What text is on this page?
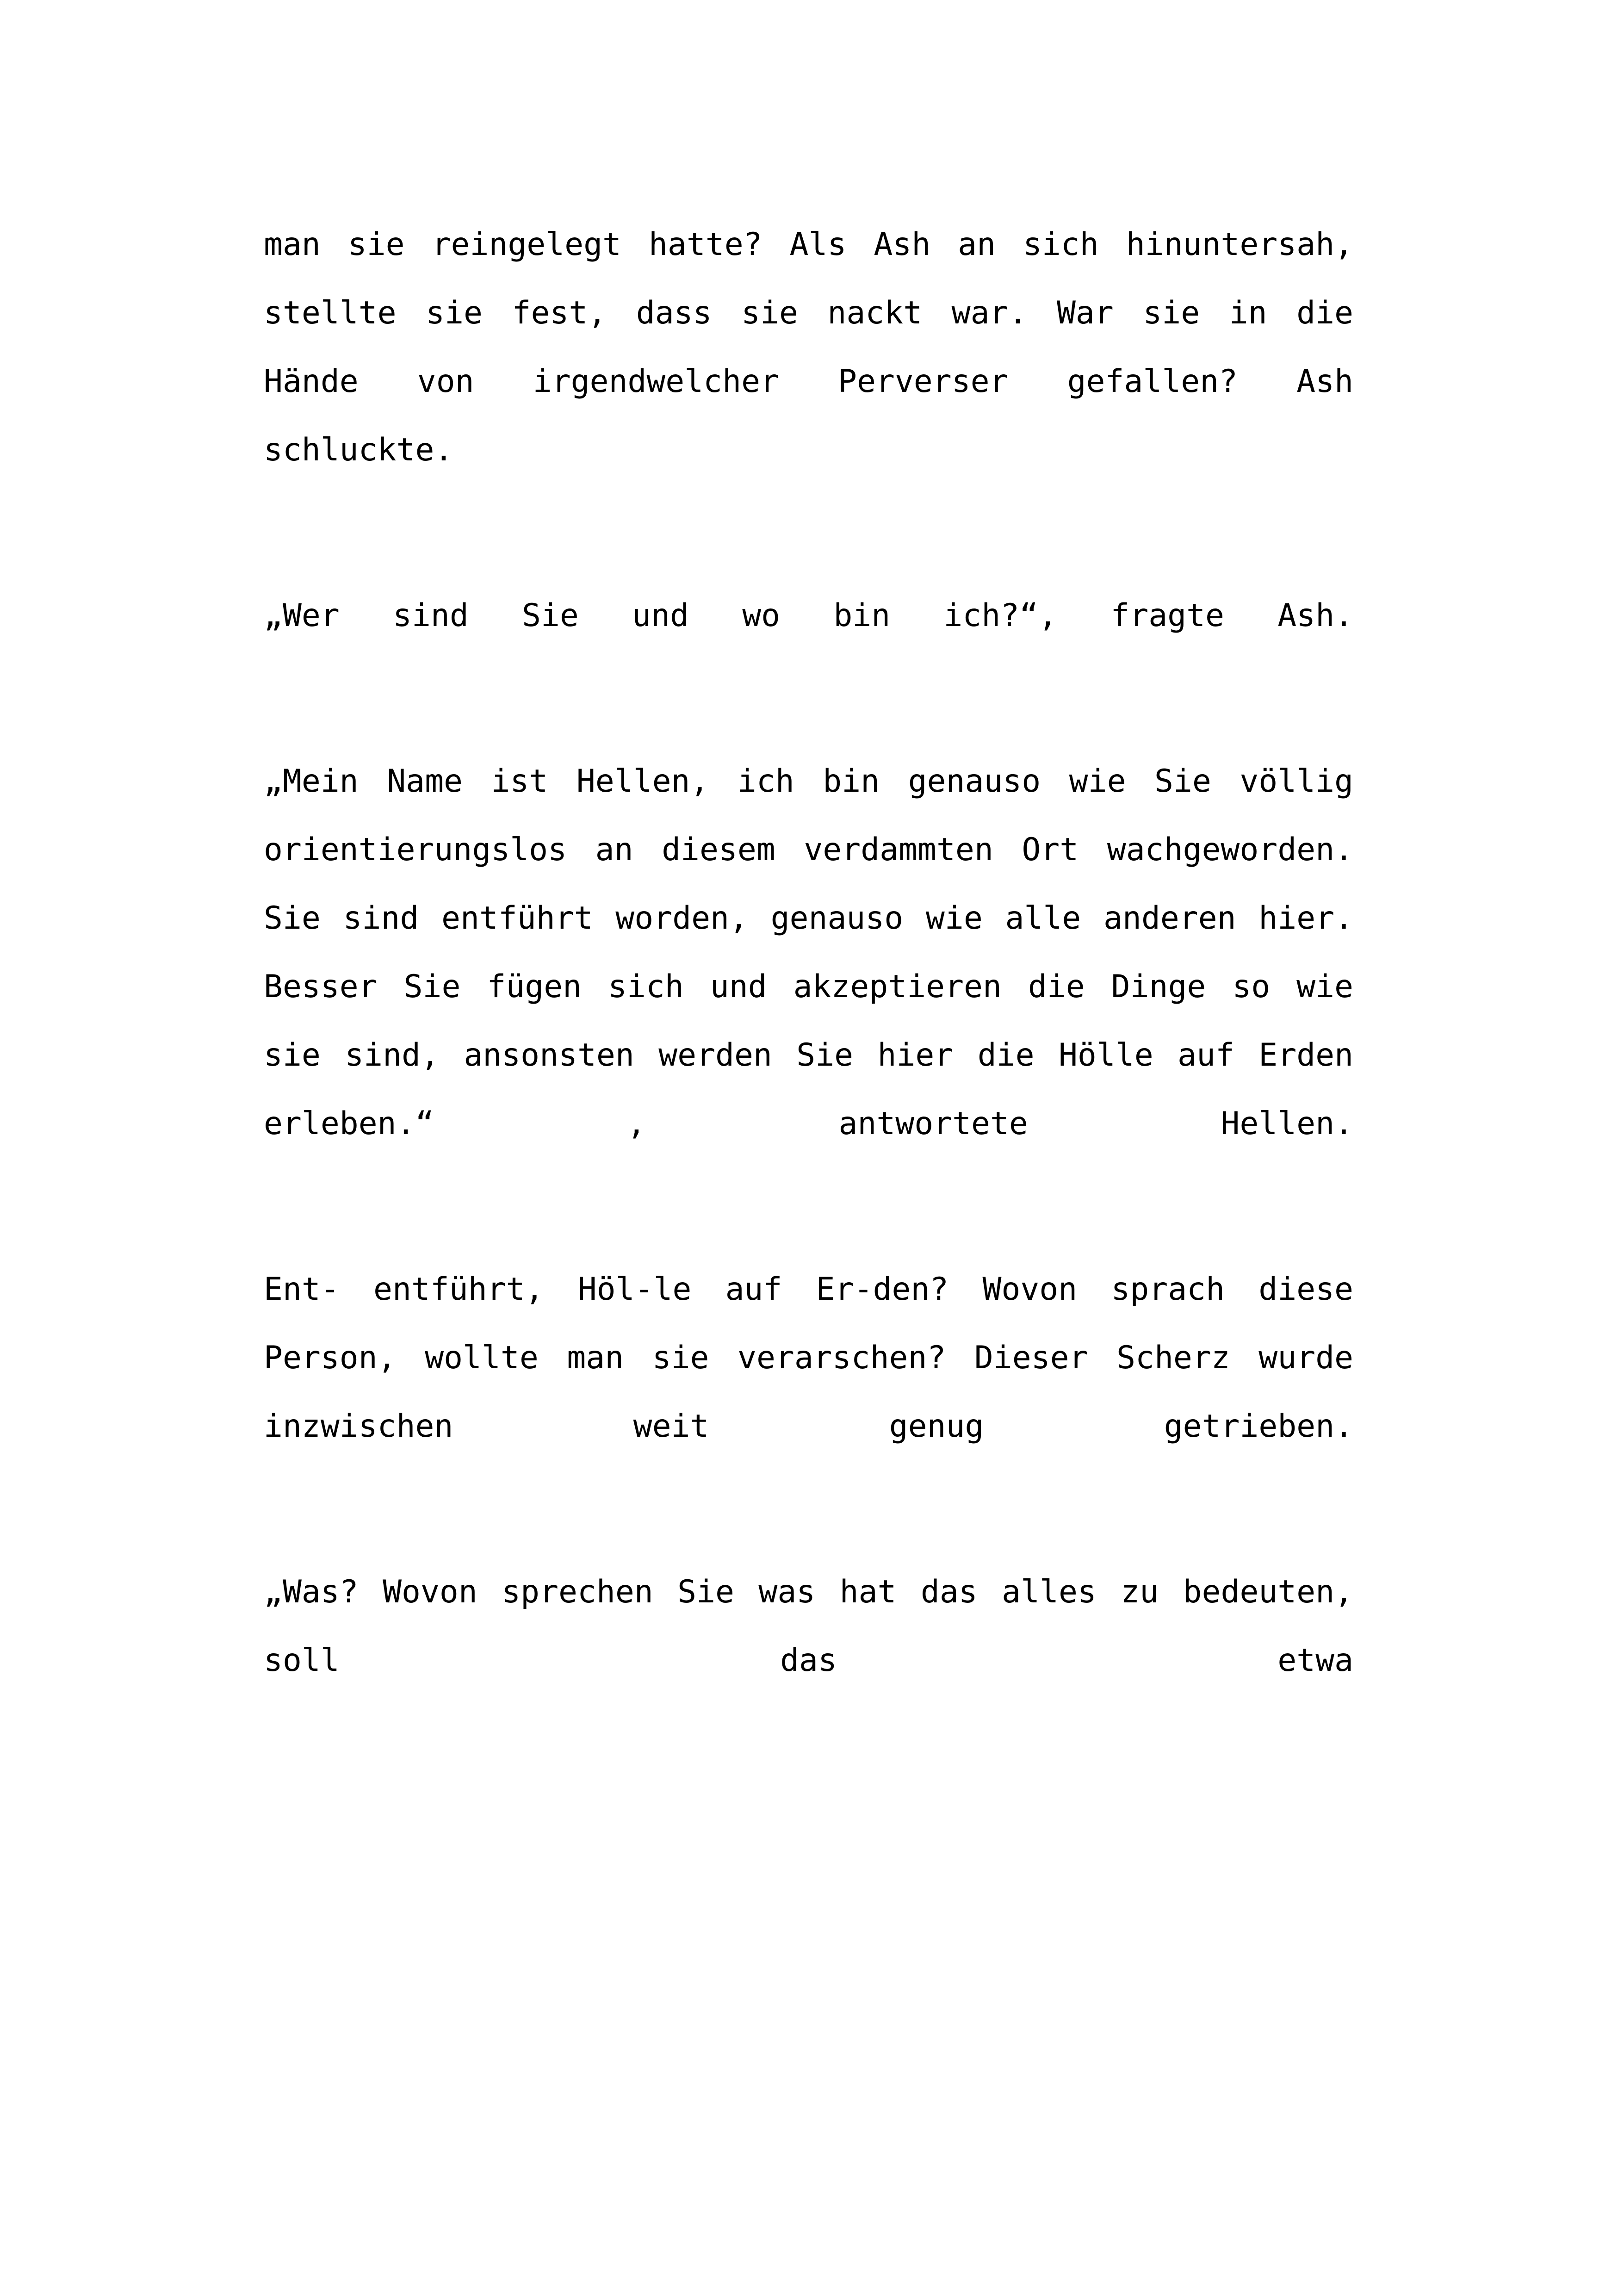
man sie reingelegt hatte? Als Ash an sich hinuntersah, stellte sie fest, dass sie nackt war. War sie in die Hände von irgendwelcher Perverser gefallen? Ash schluckte.

„Wer sind Sie und wo bin ich?“, fragte Ash.

„Mein Name ist Hellen, ich bin genauso wie Sie völlig orientierungslos an diesem verdammten Ort wachgeworden. Sie sind entführt worden, genauso wie alle anderen hier. Besser Sie fügen sich und akzeptieren die Dinge so wie sie sind, ansonsten werden Sie hier die Hölle auf Erden erleben.“ , antwortete Hellen.

Ent- entführt, Höl-le auf Er-den? Wovon sprach diese Person, wollte man sie verarschen? Dieser Scherz wurde inzwischen weit genug getrieben.

„Was? Wovon sprechen Sie was hat das alles zu bedeuten, soll das etwa
